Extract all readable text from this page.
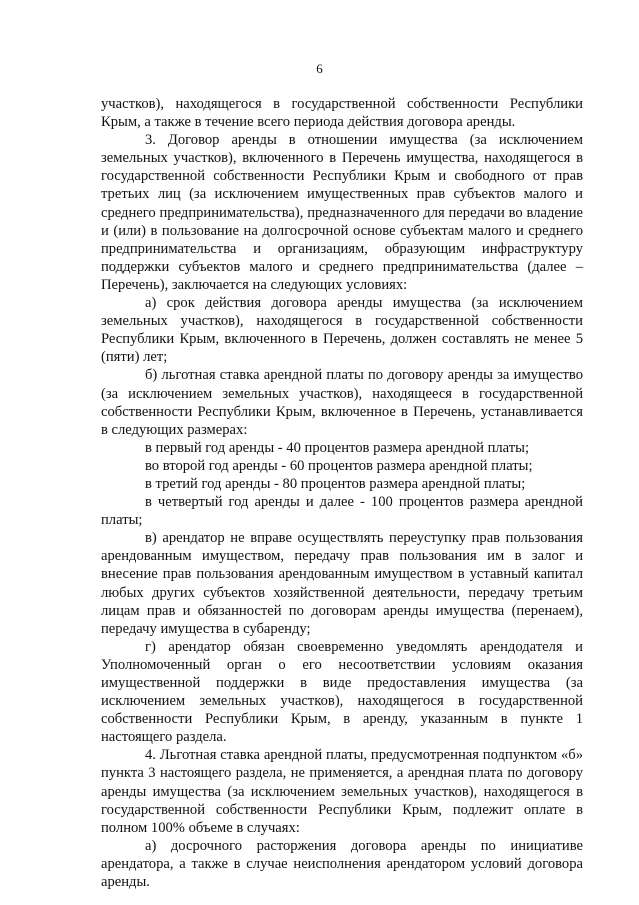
6

участков), находящегося в государственной собственности Республики Крым, а также в течение всего периода действия договора аренды.

3. Договор аренды в отношении имущества (за исключением земельных участков), включенного в Перечень имущества, находящегося в государственной собственности Республики Крым и свободного от прав третьих лиц (за исключением имущественных прав субъектов малого и среднего предпринимательства), предназначенного для передачи во владение и (или) в пользование на долгосрочной основе субъектам малого и среднего предпринимательства и организациям, образующим инфраструктуру поддержки субъектов малого и среднего предпринимательства (далее – Перечень), заключается на следующих условиях:

а) срок действия договора аренды имущества (за исключением земельных участков), находящегося в государственной собственности Республики Крым, включенного в Перечень, должен составлять не менее 5 (пяти) лет;

б) льготная ставка арендной платы по договору аренды за имущество (за исключением земельных участков), находящееся в государственной собственности Республики Крым, включенное в Перечень, устанавливается в следующих размерах:

в первый год аренды - 40 процентов размера арендной платы;

во второй год аренды - 60 процентов размера арендной платы;

в третий год аренды - 80 процентов размера арендной платы;

в четвертый год аренды и далее - 100 процентов размера арендной платы;

в) арендатор не вправе осуществлять переуступку прав пользования арендованным имуществом, передачу прав пользования им в залог и внесение прав пользования арендованным имуществом в уставный капитал любых других субъектов хозяйственной деятельности, передачу третьим лицам прав и обязанностей по договорам аренды имущества (перенаем), передачу имущества в субаренду;

г) арендатор обязан своевременно уведомлять арендодателя и Уполномоченный орган о его несоответствии условиям оказания имущественной поддержки в виде предоставления имущества (за исключением земельных участков), находящегося в государственной собственности Республики Крым, в аренду, указанным в пункте 1 настоящего раздела.

4. Льготная ставка арендной платы, предусмотренная подпунктом «б» пункта 3 настоящего раздела, не применяется, а арендная плата по договору аренды имущества (за исключением земельных участков), находящегося в государственной собственности Республики Крым, подлежит оплате в полном 100% объеме в случаях:

а) досрочного расторжения договора аренды по инициативе арендатора, а также в случае неисполнения арендатором условий договора аренды.
